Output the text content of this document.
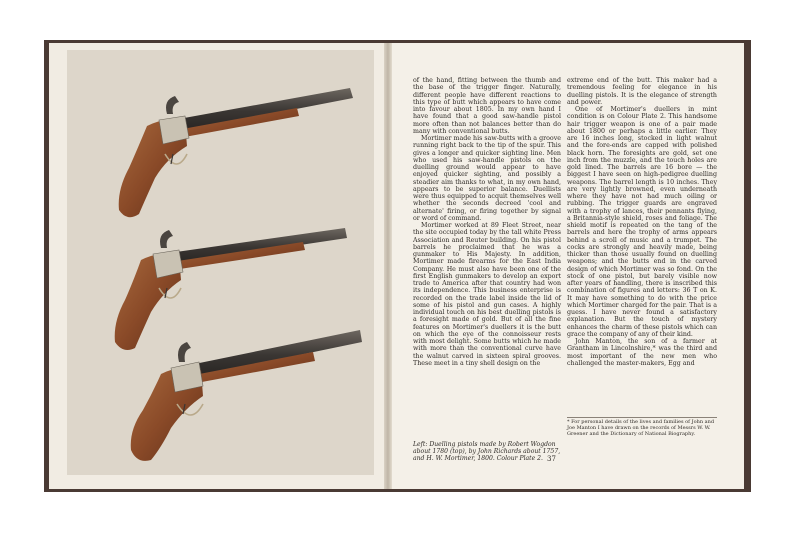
of the hand, fitting between the thumb and the base of the trigger finger. Naturally, different people have different reactions to this type of butt which appears to have come into favour about 1805. In my own hand I have found that a good saw-handle pistol more often than not balances better than do many with conventional butts.

Mortimer made his saw-butts with a groove running right back to the tip of the spur. This gives a longer and quicker sighting line. Men who used his saw-handle pistols on the duelling ground would appear to have enjoyed quicker sighting, and possibly a steadier aim thanks to what, in my own hand, appears to be superior balance. Duellists were thus equipped to acquit themselves well whether the seconds decreed 'cool and alternate' firing, or firing together by signal or word of command.

Mortimer worked at 89 Fleet Street, near the site occupied today by the tall white Press Association and Reuter building. On his pistol barrels he proclaimed that he was a gunmaker to His Majesty. In addition, Mortimer made firearms for the East India Company. He must also have been one of the first English gunmakers to develop an export trade to America after that country had won its independence. This business enterprise is recorded on the trade label inside the lid of some of his pistol and gun cases. A highly individual touch on his best duelling pistols is a foresight made of gold. But of all the fine features on Mortimer's duellers it is the butt on which the eye of the connoisseur rests with most delight. Some butts which he made with more than the conventional curve have the walnut carved in sixteen spiral grooves. These meet in a tiny shell design on the

extreme end of the butt. This maker had a tremendous feeling for elegance in his duelling pistols. It is the elegance of strength and power.

One of Mortimer's duellers in mint condition is on Colour Plate 2. This handsome hair trigger weapon is one of a pair made about 1800 or perhaps a little earlier. They are 16 inches long, stocked in light walnut and the fore-ends are capped with polished black horn. The foresights are gold, set one inch from the muzzle, and the touch holes are gold lined. The barrels are 16 bore — the biggest I have seen on high-pedigree duelling weapons. The barrel length is 10 inches. They are very lightly browned, even underneath where they have not had much oiling or rubbing. The trigger guards are engraved with a trophy of lances, their pennants flying, a Britannia-style shield, roses and foliage. The shield motif is repeated on the tang of the barrels and here the trophy of arms appears behind a scroll of music and a trumpet. The cocks are strongly and heavily made, being thicker than those usually found on duelling weapons; and the butts end in the carved design of which Mortimer was so fond. On the stock of one pistol, but barely visible now after years of handling, there is inscribed this combination of figures and letters: 36 T on K. It may have something to do with the price which Mortimer charged for the pair. That is a guess. I have never found a satisfactory explanation. But the touch of mystery enhances the charm of these pistols which can grace the company of any of their kind.

John Manton, the son of a farmer at Grantham in Lincolnshire,* was the third and most important of the new men who challenged the master-makers, Egg and

Left: Duelling pistols made by Robert Wogdon about 1780 (top), by John Richards about 1757, and H. W. Mortimer, 1800. Colour Plate 2.
* For personal details of the lives and families of John and Joe Manton I have drawn on the records of Messrs W. W. Greener and the Dictionary of National Biography.
37
